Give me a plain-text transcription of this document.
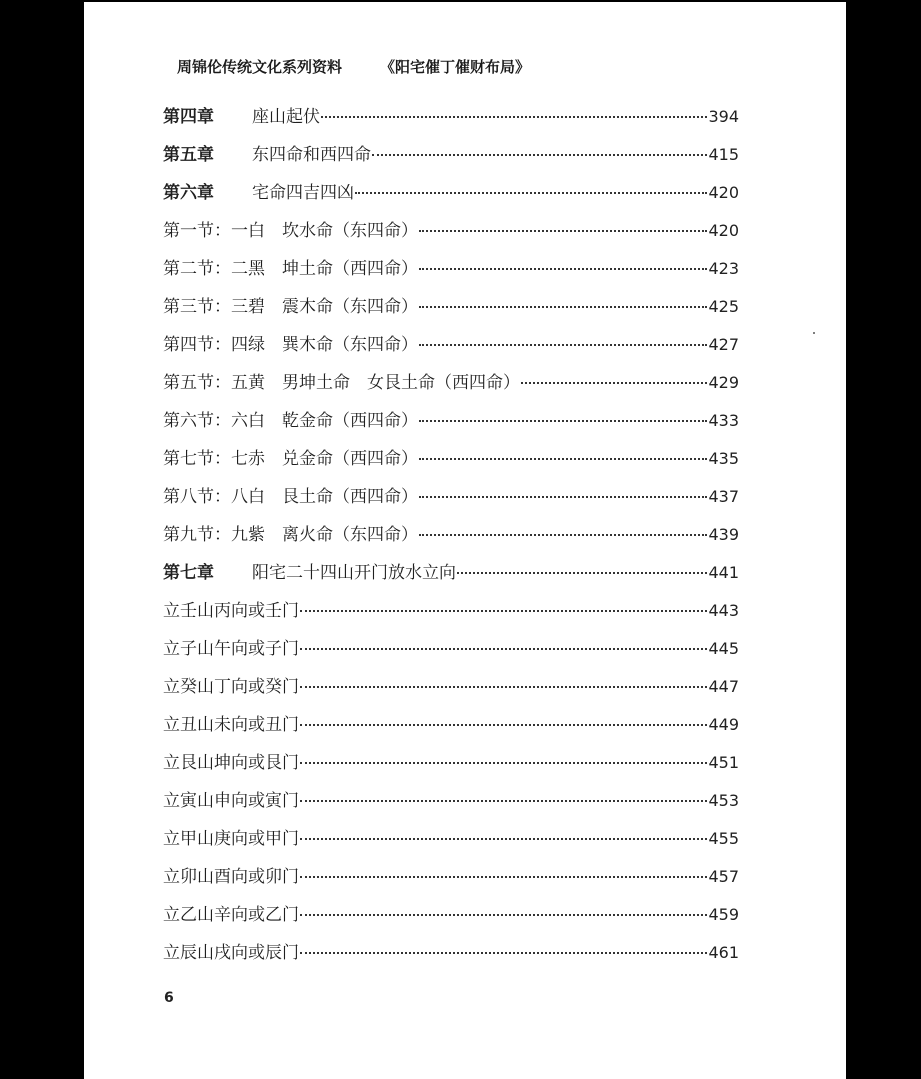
周锦伦传统文化系列资料	《阳宅催丁催财布局》
第四章	座山起伏	394
第五章	东四命和西四命	415
第六章	宅命四吉四凶	420
第一节：一白　坎水命（东四命）	420
第二节：二黑　坤土命（西四命）	423
第三节：三碧　震木命（东四命）	425
第四节：四绿　巽木命（东四命）	427
第五节：五黄　男坤土命　女艮土命（西四命）	429
第六节：六白　乾金命（西四命）	433
第七节：七赤　兑金命（西四命）	435
第八节：八白　艮土命（西四命）	437
第九节：九紫　离火命（东四命）	439
第七章	阳宅二十四山开门放水立向	441
立壬山丙向或壬门	443
立子山午向或子门	445
立癸山丁向或癸门	447
立丑山未向或丑门	449
立艮山坤向或艮门	451
立寅山申向或寅门	453
立甲山庚向或甲门	455
立卯山酉向或卯门	457
立乙山辛向或乙门	459
立辰山戌向或辰门	461
6
